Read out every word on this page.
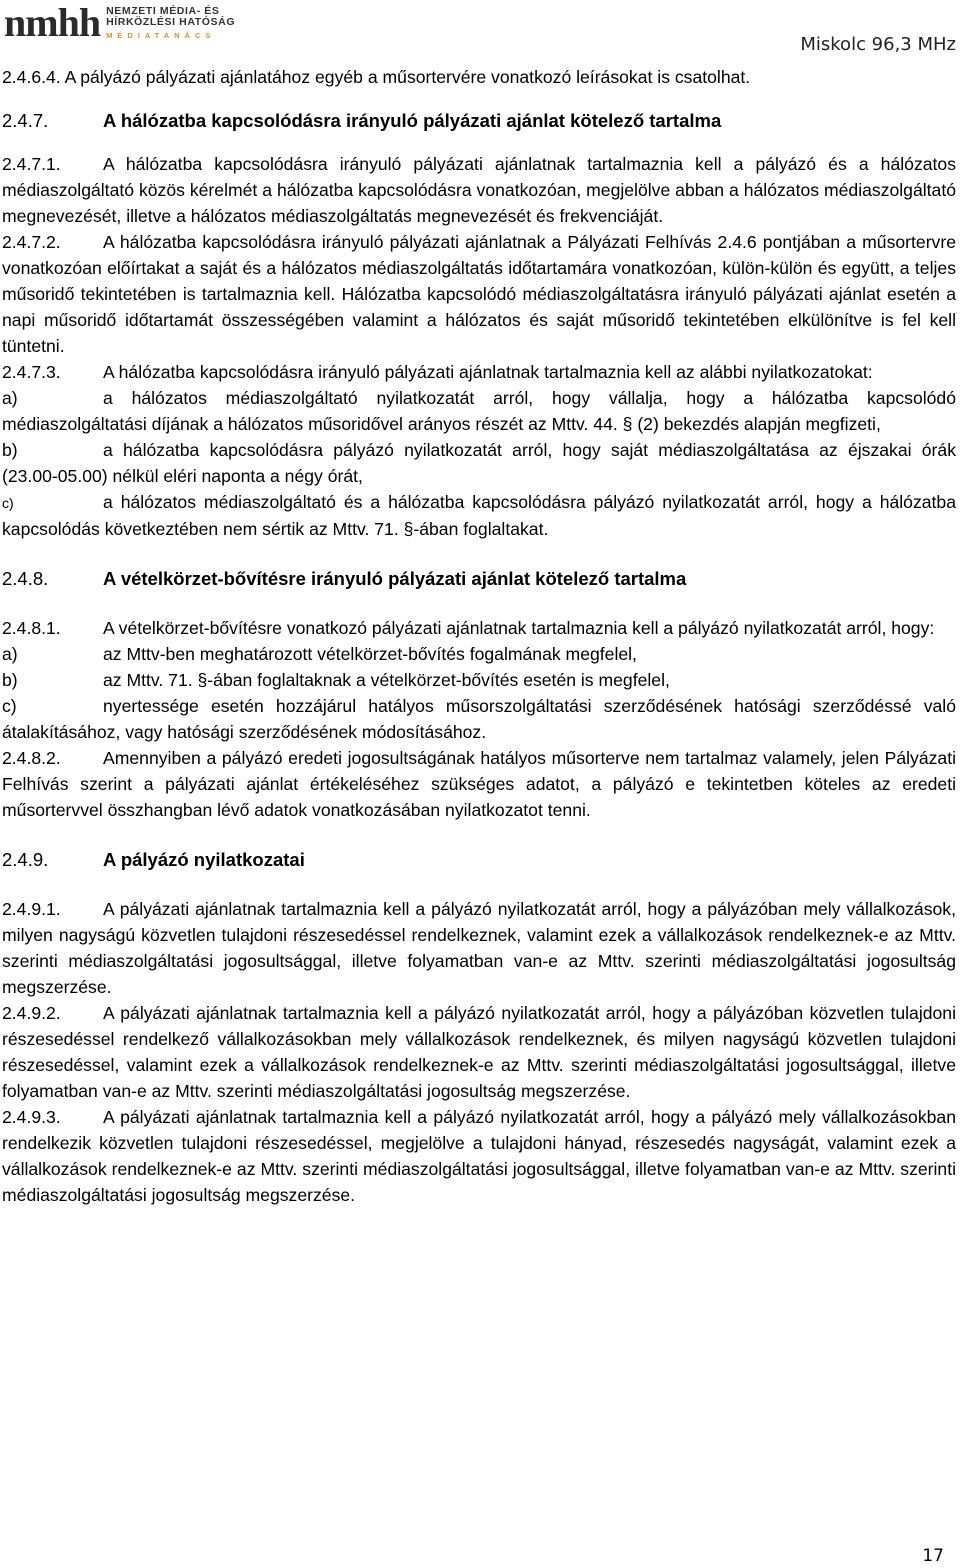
nmhh NEMZETI MÉDIA- ÉS
HÍRKÖZLÉSI HATÓSÁG
MÉDIATANÁCS	Miskolc 96,3 MHz

2.4.6.4. A pályázó pályázati ajánlatához egyéb a műsortervére vonatkozó leírásokat is csatolhat.

2.4.7.	A hálózatba kapcsolódásra irányuló pályázati ajánlat kötelező tartalma

2.4.7.1. A hálózatba kapcsolódásra irányuló pályázati ajánlatnak tartalmaznia kell a pályázó és a hálózatos médiaszolgáltató közös kérelmét a hálózatba kapcsolódásra vonatkozóan, megjelölve abban a hálózatos médiaszolgáltató megnevezését, illetve a hálózatos médiaszolgáltatás megnevezését és frekvenciáját.

2.4.7.2. A hálózatba kapcsolódásra irányuló pályázati ajánlatnak a Pályázati Felhívás 2.4.6 pontjában a műsortervre vonatkozóan előírtakat a saját és a hálózatos médiaszolgáltatás időtartamára vonatkozóan, külön-külön és együtt, a teljes műsoridő tekintetében is tartalmaznia kell. Hálózatba kapcsolódó médiaszolgáltatásra irányuló pályázati ajánlat esetén a napi műsoridő időtartamát összességében valamint a hálózatos és saját műsoridő tekintetében elkülönítve is fel kell tüntetni.

2.4.7.3. A hálózatba kapcsolódásra irányuló pályázati ajánlatnak tartalmaznia kell az alábbi nyilatkozatokat:

a)	a hálózatos médiaszolgáltató nyilatkozatát arról, hogy vállalja, hogy a hálózatba kapcsolódó médiaszolgáltatási díjának a hálózatos műsoridővel arányos részét az Mttv. 44. § (2) bekezdés alapján megfizeti,

b)	a hálózatba kapcsolódásra pályázó nyilatkozatát arról, hogy saját médiaszolgáltatása az éjszakai órák (23.00-05.00) nélkül eléri naponta a négy órát,

c)	a hálózatos médiaszolgáltató és a hálózatba kapcsolódásra pályázó nyilatkozatát arról, hogy a hálózatba kapcsolódás következtében nem sértik az Mttv. 71. §-ában foglaltakat.

2.4.8.	A vételkörzet-bővítésre irányuló pályázati ajánlat kötelező tartalma

2.4.8.1. A vételkörzet-bővítésre vonatkozó pályázati ajánlatnak tartalmaznia kell a pályázó nyilatkozatát arról, hogy:

a)	az Mttv-ben meghatározott vételkörzet-bővítés fogalmának megfelel,

b)	az Mttv. 71. §-ában foglaltaknak a vételkörzet-bővítés esetén is megfelel,

c)	nyertessége esetén hozzájárul hatályos műsorszolgáltatási szerződésének hatósági szerződéssé való átalakításához, vagy hatósági szerződésének módosításához.

2.4.8.2. Amennyiben a pályázó eredeti jogosultságának hatályos műsorterve nem tartalmaz valamely, jelen Pályázati Felhívás szerint a pályázati ajánlat értékeléséhez szükséges adatot, a pályázó e tekintetben köteles az eredeti műsortervvel összhangban lévő adatok vonatkozásában nyilatkozatot tenni.

2.4.9.	A pályázó nyilatkozatai

2.4.9.1. A pályázati ajánlatnak tartalmaznia kell a pályázó nyilatkozatát arról, hogy a pályázóban mely vállalkozások, milyen nagyságú közvetlen tulajdoni részesedéssel rendelkeznek, valamint ezek a vállalkozások rendelkeznek-e az Mttv. szerinti médiaszolgáltatási jogosultsággal, illetve folyamatban van-e az Mttv. szerinti médiaszolgáltatási jogosultság megszerzése.

2.4.9.2. A pályázati ajánlatnak tartalmaznia kell a pályázó nyilatkozatát arról, hogy a pályázóban közvetlen tulajdoni részesedéssel rendelkező vállalkozásokban mely vállalkozások rendelkeznek, és milyen nagyságú közvetlen tulajdoni részesedéssel, valamint ezek a vállalkozások rendelkeznek-e az Mttv. szerinti médiaszolgáltatási jogosultsággal, illetve folyamatban van-e az Mttv. szerinti médiaszolgáltatási jogosultság megszerzése.

2.4.9.3. A pályázati ajánlatnak tartalmaznia kell a pályázó nyilatkozatát arról, hogy a pályázó mely vállalkozásokban rendelkezik közvetlen tulajdoni részesedéssel, megjelölve a tulajdoni hányad, részesedés nagyságát, valamint ezek a vállalkozások rendelkeznek-e az Mttv. szerinti médiaszolgáltatási jogosultsággal, illetve folyamatban van-e az Mttv. szerinti médiaszolgáltatási jogosultság megszerzése.

17
